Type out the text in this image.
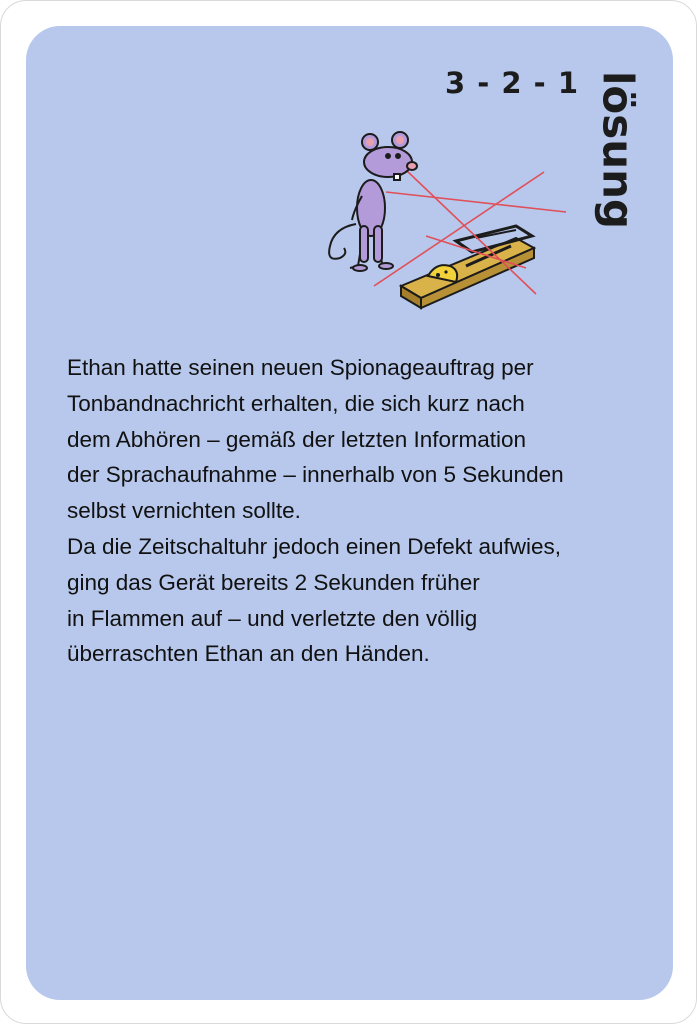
3 - 2 - 1 lösung

Ethan hatte seinen neuen Spionageauftrag per

Tonbandnachricht erhalten, die sich kurz nach

dem Abhören – gemäß der letzten Information

der Sprachaufnahme – innerhalb von 5 Sekunden

selbst vernichten sollte.

Da die Zeitschaltuhr jedoch einen Defekt aufwies,

ging das Gerät bereits 2 Sekunden früher

in Flammen auf – und verletzte den völlig

überraschten Ethan an den Händen.
